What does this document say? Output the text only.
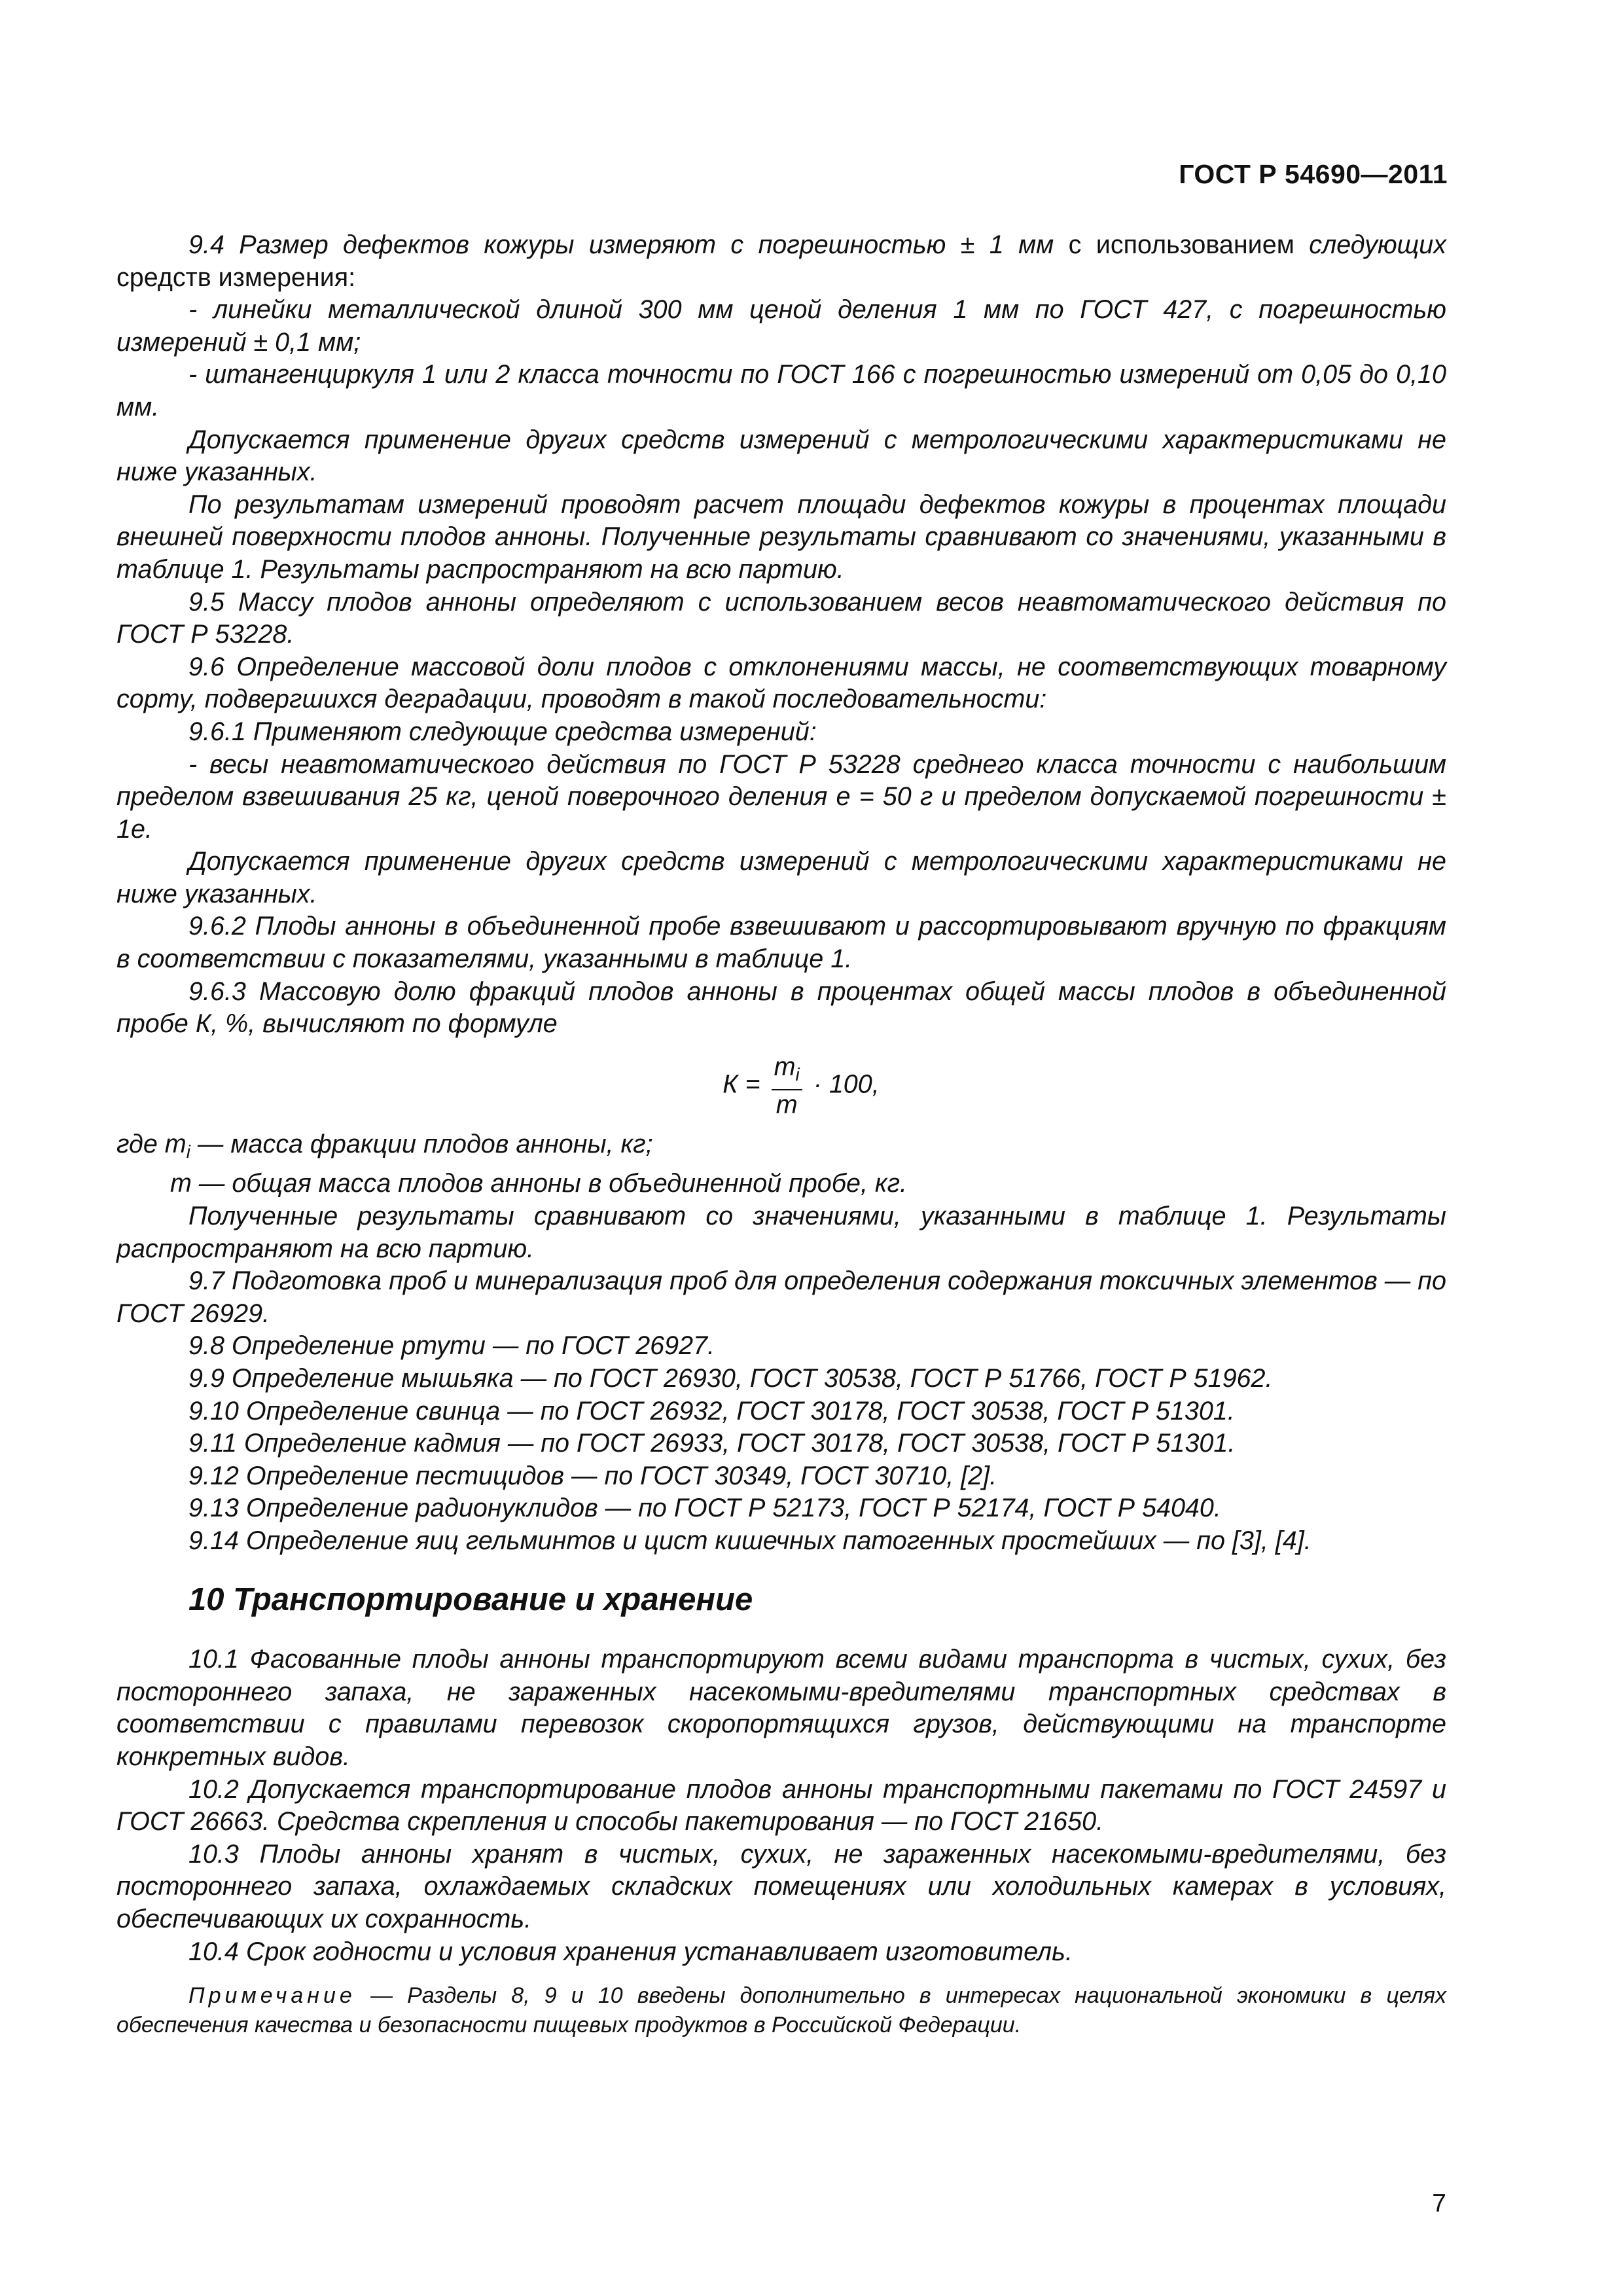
ГОСТ Р 54690—2011

9.4 Размер дефектов кожуры измеряют с погрешностью ± 1 мм с использованием следующих средств измерения:

- линейки металлической длиной 300 мм ценой деления 1 мм по ГОСТ 427, с погрешностью измерений ± 0,1 мм;

- штангенциркуля 1 или 2 класса точности по ГОСТ 166 с погрешностью измерений от 0,05 до 0,10 мм.

Допускается применение других средств измерений с метрологическими характеристиками не ниже указанных.

По результатам измерений проводят расчет площади дефектов кожуры в процентах площади внешней поверхности плодов анноны. Полученные результаты сравнивают со значениями, указанными в таблице 1. Результаты распространяют на всю партию.

9.5 Массу плодов анноны определяют с использованием весов неавтоматического действия по ГОСТ Р 53228.

9.6 Определение массовой доли плодов с отклонениями массы, не соответствующих товарному сорту, подвергшихся деградации, проводят в такой последовательности:

9.6.1 Применяют следующие средства измерений:

- весы неавтоматического действия по ГОСТ Р 53228 среднего класса точности с наибольшим пределом взвешивания 25 кг, ценой поверочного деления е = 50 г и пределом допускаемой погрешности ± 1е.

Допускается применение других средств измерений с метрологическими характеристиками не ниже указанных.

9.6.2 Плоды анноны в объединенной пробе взвешивают и рассортировывают вручную по фракциям в соответствии с показателями, указанными в таблице 1.

9.6.3 Массовую долю фракций плодов анноны в процентах общей массы плодов в объединенной пробе К, %, вычисляют по формуле

$К = \frac{m_i}{m} \cdot 100$,

где $m_i$ — масса фракции плодов анноны, кг;

m — общая масса плодов анноны в объединенной пробе, кг.

Полученные результаты сравнивают со значениями, указанными в таблице 1. Результаты распространяют на всю партию.

9.7 Подготовка проб и минерализация проб для определения содержания токсичных элементов — по ГОСТ 26929.

9.8 Определение ртути — по ГОСТ 26927.

9.9 Определение мышьяка — по ГОСТ 26930, ГОСТ 30538, ГОСТ Р 51766, ГОСТ Р 51962.

9.10 Определение свинца — по ГОСТ 26932, ГОСТ 30178, ГОСТ 30538, ГОСТ Р 51301.

9.11 Определение кадмия — по ГОСТ 26933, ГОСТ 30178, ГОСТ 30538, ГОСТ Р 51301.

9.12 Определение пестицидов — по ГОСТ 30349, ГОСТ 30710, [2].

9.13 Определение радионуклидов — по ГОСТ Р 52173, ГОСТ Р 52174, ГОСТ Р 54040.

9.14 Определение яиц гельминтов и цист кишечных патогенных простейших — по [3], [4].

10 Транспортирование и хранение

10.1 Фасованные плоды анноны транспортируют всеми видами транспорта в чистых, сухих, без постороннего запаха, не зараженных насекомыми-вредителями транспортных средствах в соответствии с правилами перевозок скоропортящихся грузов, действующими на транспорте конкретных видов.

10.2 Допускается транспортирование плодов анноны транспортными пакетами по ГОСТ 24597 и ГОСТ 26663. Средства скрепления и способы пакетирования — по ГОСТ 21650.

10.3 Плоды анноны хранят в чистых, сухих, не зараженных насекомыми-вредителями, без постороннего запаха, охлаждаемых складских помещениях или холодильных камерах в условиях, обеспечивающих их сохранность.

10.4 Срок годности и условия хранения устанавливает изготовитель.

Примечание — Разделы 8, 9 и 10 введены дополнительно в интересах национальной экономики в целях обеспечения качества и безопасности пищевых продуктов в Российской Федерации.

7
